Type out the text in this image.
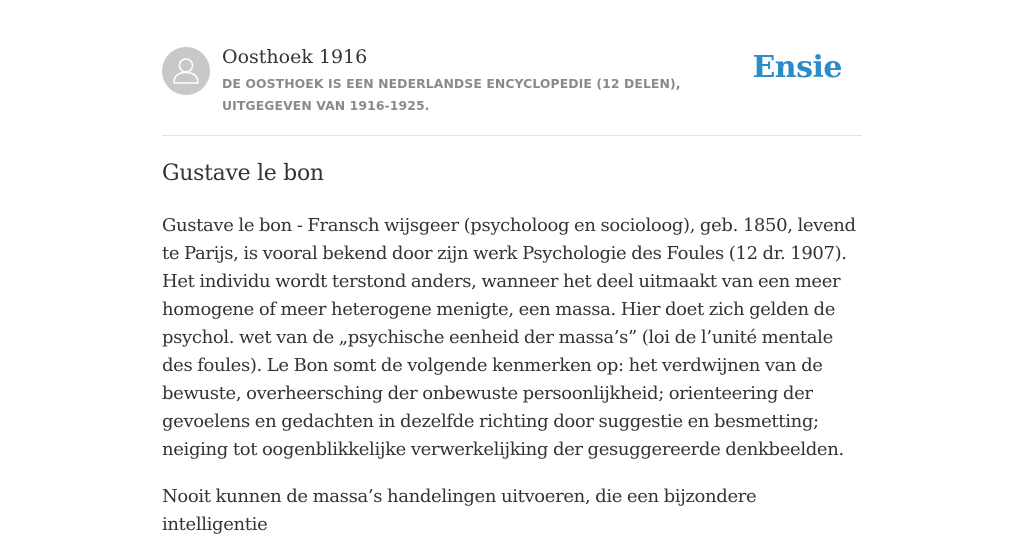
Oosthoek 1916
DE OOSTHOEK IS EEN NEDERLANDSE ENCYCLOPEDIE (12 DELEN), UITGEGEVEN VAN 1916-1925.
Ensie
Gustave le bon

Gustave le bon - Fransch wijsgeer (psycholoog en socioloog), geb. 1850, levend te Parijs, is vooral bekend door zijn werk Psychologie des Foules (12 dr. 1907). Het individu wordt terstond anders, wanneer het deel uitmaakt van een meer homogene of meer heterogene menigte, een massa. Hier doet zich gelden de psychol. wet van de „psychische eenheid der massa’s” (loi de l’unité mentale des foules). Le Bon somt de volgende kenmerken op: het verdwijnen van de bewuste, overheersching der onbewuste persoonlijkheid; orienteering der gevoelens en gedachten in dezelfde richting door suggestie en besmetting; neiging tot oogenblikkelijke verwerkelijking der gesuggereerde denkbeelden.

Nooit kunnen de massa’s handelingen uitvoeren, die een bijzondere intelligentie
